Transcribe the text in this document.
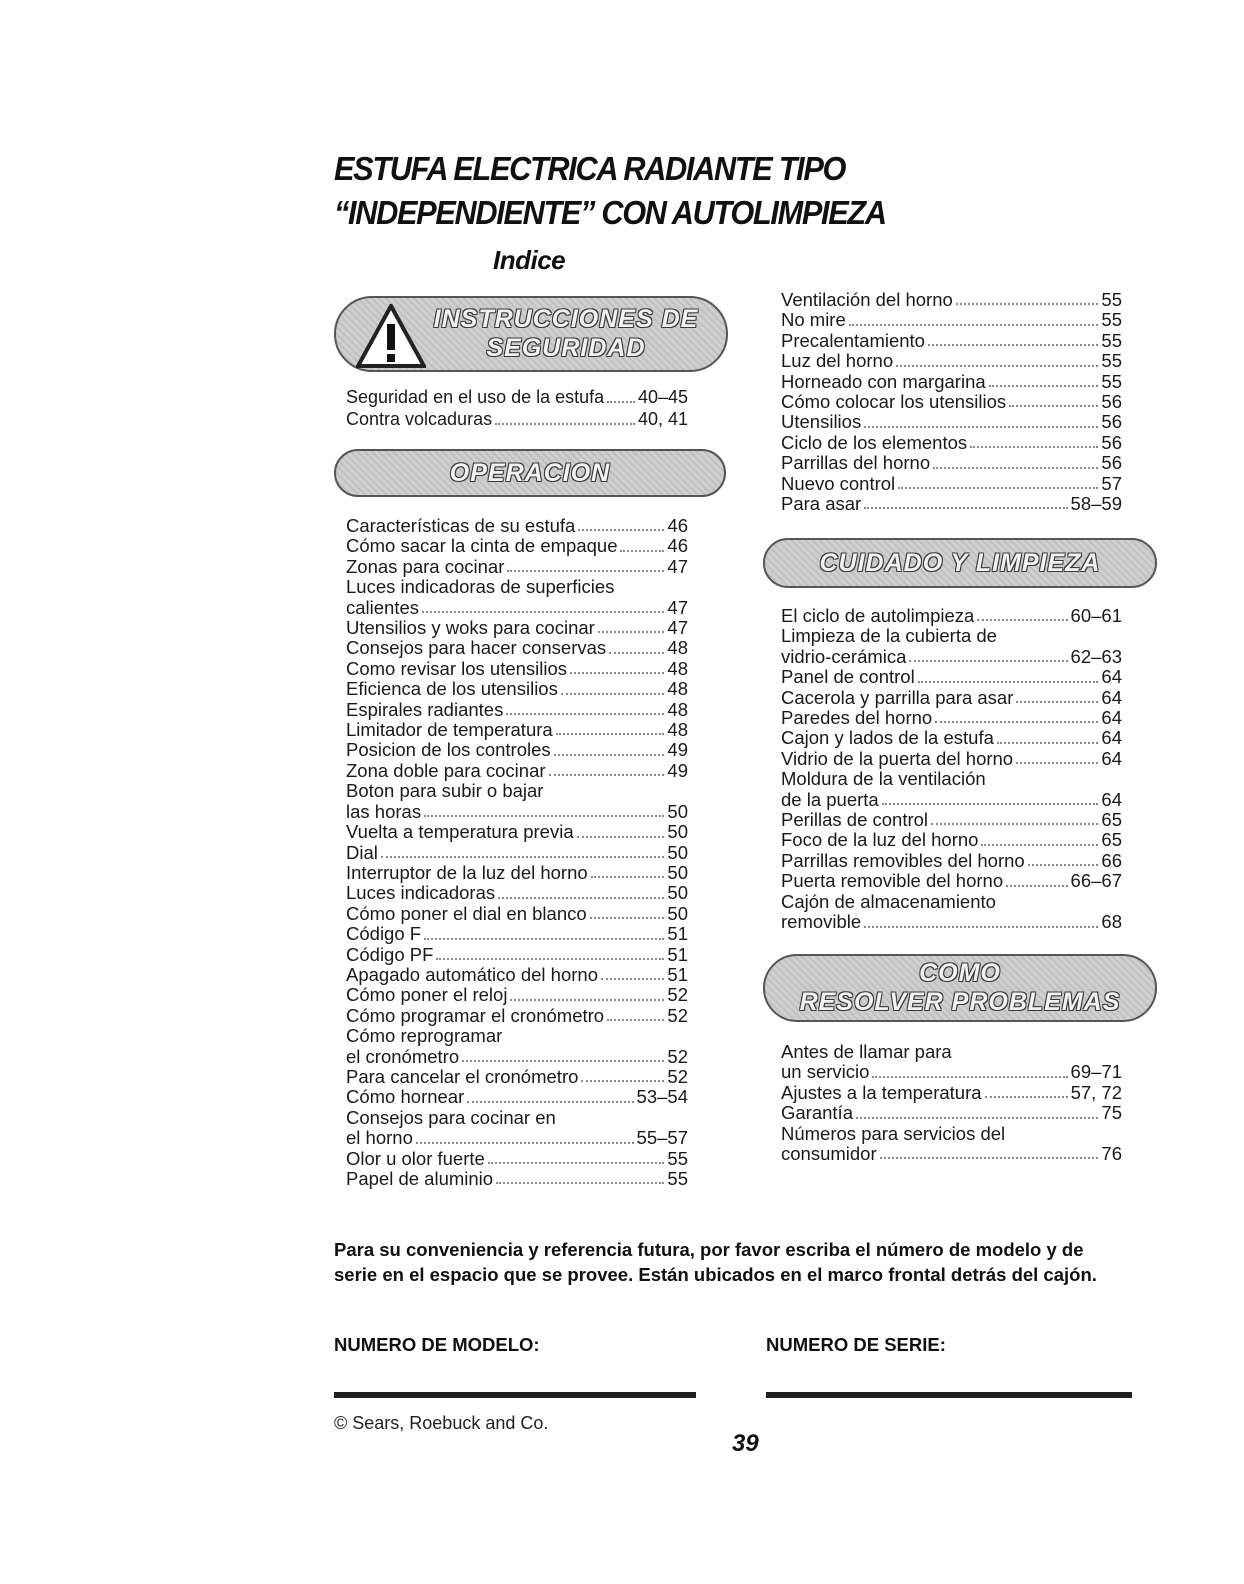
ESTUFA ELECTRICA RADIANTE TIPO
“INDEPENDIENTE” CON AUTOLIMPIEZA
Indice
INSTRUCCIONES DE
SEGURIDAD
Seguridad en el uso de la estufa 40–45
Contra volcaduras	40, 41
OPERACION
Características de su estufa	46
Cómo sacar la cinta de empaque	46
Zonas para cocinar	47
Luces indicadoras de superficies
calientes	47
Utensilios y woks para cocinar	47
Consejos para hacer conservas	48
Como revisar los utensilios	48
Eficienca de los utensilios	48
Espirales radiantes	48
Limitador de temperatura	48
Posicion de los controles	49
Zona doble para cocinar	49
Boton para subir o bajar
las horas	50
Vuelta a temperatura previa	50
Dial	50
Interruptor de la luz del horno	50
Luces indicadoras	50
Cómo poner el dial en blanco	50
Código F	51
Código PF	51
Apagado automático del horno	51
Cómo poner el reloj	52
Cómo programar el cronómetro	52
Cómo reprogramar
el cronómetro	52
Para cancelar el cronómetro	52
Cómo hornear	53–54
Consejos para cocinar en
el horno	55–57
Olor u olor fuerte	55
Papel de aluminio	55
Ventilación del horno	55
No mire	55
Precalentamiento	55
Luz del horno	55
Horneado con margarina	55
Cómo colocar los utensilios	56
Utensilios	56
Ciclo de los elementos	56
Parrillas del horno	56
Nuevo control	57
Para asar	58–59
CUIDADO Y LIMPIEZA
El ciclo de autolimpieza	60–61
Limpieza de la cubierta de
vidrio-cerámica	62–63
Panel de control	64
Cacerola y parrilla para asar	64
Paredes del horno	64
Cajon y lados de la estufa	64
Vidrio de la puerta del horno	64
Moldura de la ventilación
de la puerta	64
Perillas de control	65
Foco de la luz del horno	65
Parrillas removibles del horno	66
Puerta removible del horno	66–67
Cajón de almacenamiento
removible	68
COMO
RESOLVER PROBLEMAS
Antes de llamar para
un servicio	69–71
Ajustes a la temperatura	57, 72
Garantía	75
Números para servicios del
consumidor	76

Para su conveniencia y referencia futura, por favor escriba el número de modelo y de serie en el espacio que se provee. Están ubicados en el marco frontal detrás del cajón.

NUMERO DE MODELO:	NUMERO DE SERIE:

© Sears, Roebuck and Co.

39
